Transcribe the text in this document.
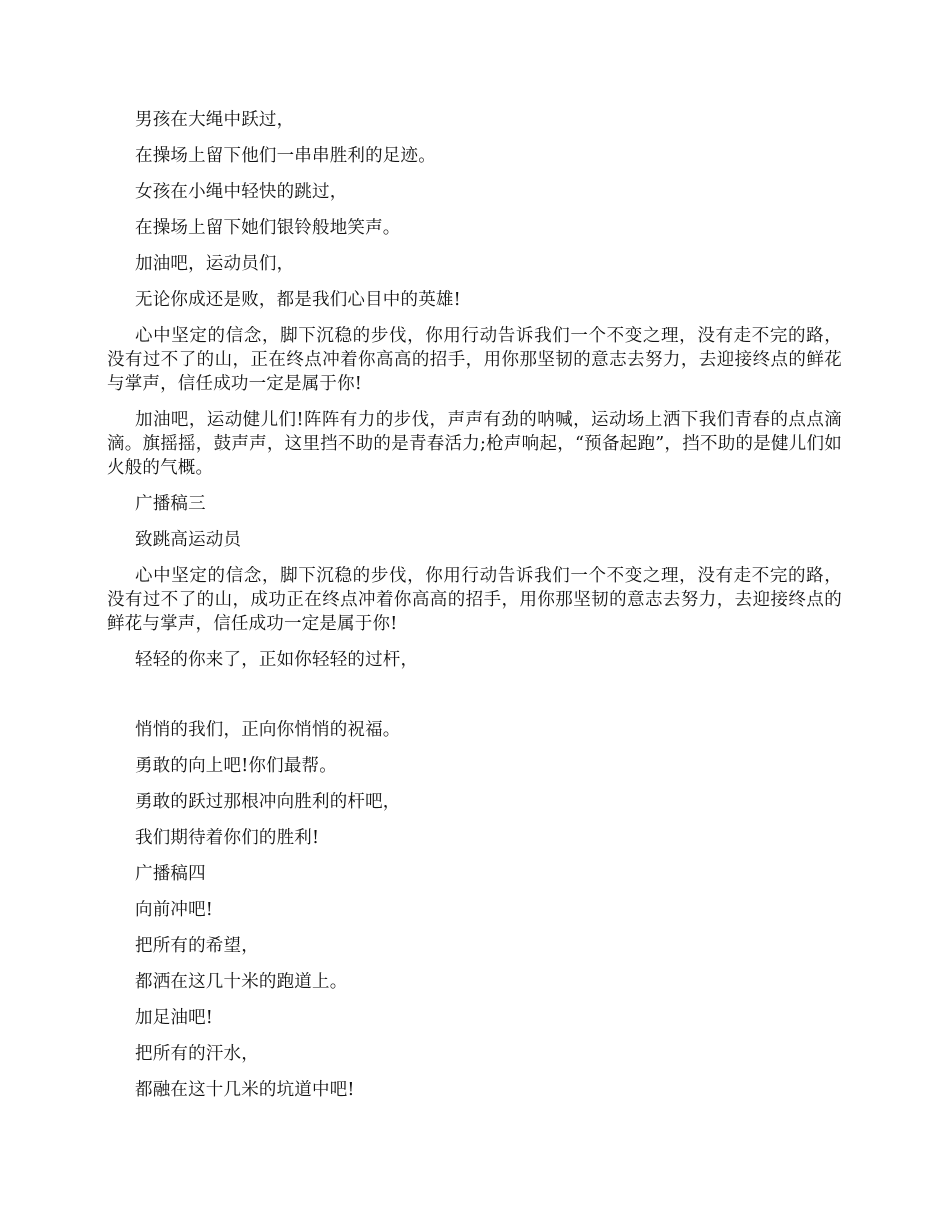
男孩在大绳中跃过，

在操场上留下他们一串串胜利的足迹。

女孩在小绳中轻快的跳过，

在操场上留下她们银铃般地笑声。

加油吧，运动员们，

无论你成还是败，都是我们心目中的英雄!

心中坚定的信念，脚下沉稳的步伐，你用行动告诉我们一个不变之理，没有走不完的路，没有过不了的山，正在终点冲着你高高的招手，用你那坚韧的意志去努力，去迎接终点的鲜花与掌声，信任成功一定是属于你!

加油吧，运动健儿们!阵阵有力的步伐，声声有劲的呐喊，运动场上洒下我们青春的点点滴滴。旗摇摇，鼓声声，这里挡不助的是青春活力;枪声响起，“预备起跑”，挡不助的是健儿们如火般的气概。

广播稿三

致跳高运动员

心中坚定的信念，脚下沉稳的步伐，你用行动告诉我们一个不变之理，没有走不完的路，没有过不了的山，成功正在终点冲着你高高的招手，用你那坚韧的意志去努力，去迎接终点的鲜花与掌声，信任成功一定是属于你!

轻轻的你来了，正如你轻轻的过杆，

悄悄的我们，正向你悄悄的祝福。

勇敢的向上吧!你们最帮。

勇敢的跃过那根冲向胜利的杆吧，

我们期待着你们的胜利!

广播稿四

向前冲吧!

把所有的希望，

都洒在这几十米的跑道上。

加足油吧!

把所有的汗水，

都融在这十几米的坑道中吧!
